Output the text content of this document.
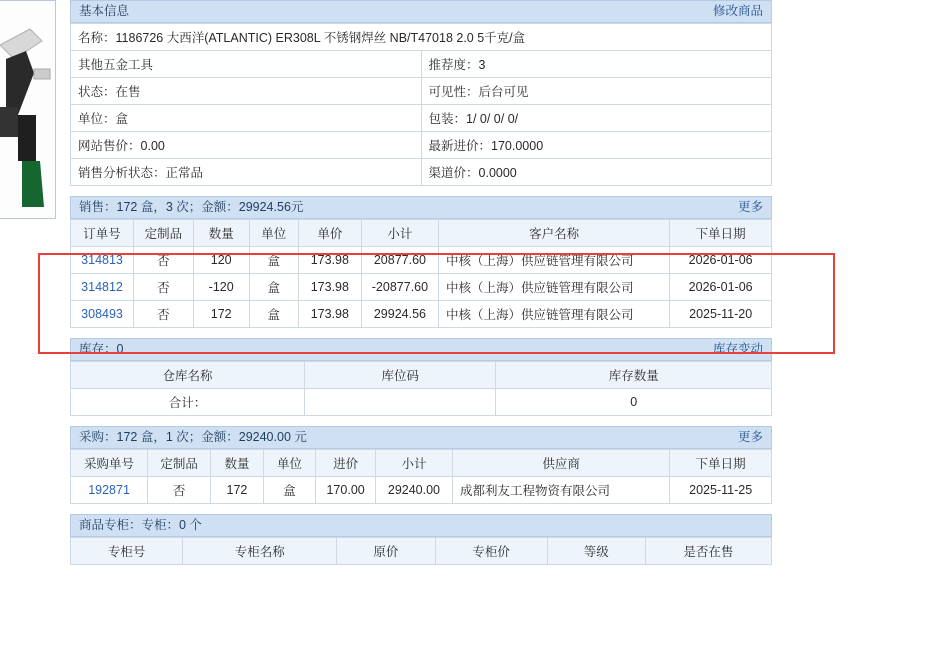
基本信息	修改商品
名称：1186726 大西洋(ATLANTIC) ER308L 不锈钢焊丝 NB/T47018 2.0 5千克/盒	
其他五金工具	推荐度：3
状态：在售	可见性：后台可见
单位：盒	包装：1/ 0/ 0/ 0/
网站售价：0.00	最新进价：170.0000
销售分析状态：正常品	渠道价：0.0000
销售：172 盒，3 次；金额：29924.56元	更多
订单号	定制品	数量	单位	单价	小计	客户名称	下单日期
314813	否	120	盒	173.98	20877.60	中核（上海）供应链管理有限公司	2026-01-06
314812	否	-120	盒	173.98	-20877.60	中核（上海）供应链管理有限公司	2026-01-06
308493	否	172	盒	173.98	29924.56	中核（上海）供应链管理有限公司	2025-11-20
库存：0	库存变动
仓库名称	库位码	库存数量
合计：		0
采购：172 盒，1 次；金额：29240.00 元	更多
采购单号	定制品	数量	单位	进价	小计	供应商	下单日期
192871	否	172	盒	170.00	29240.00	成都利友工程物资有限公司	2025-11-25
商品专柜：专柜：0 个
专柜号	专柜名称	原价	专柜价	等级	是否在售
